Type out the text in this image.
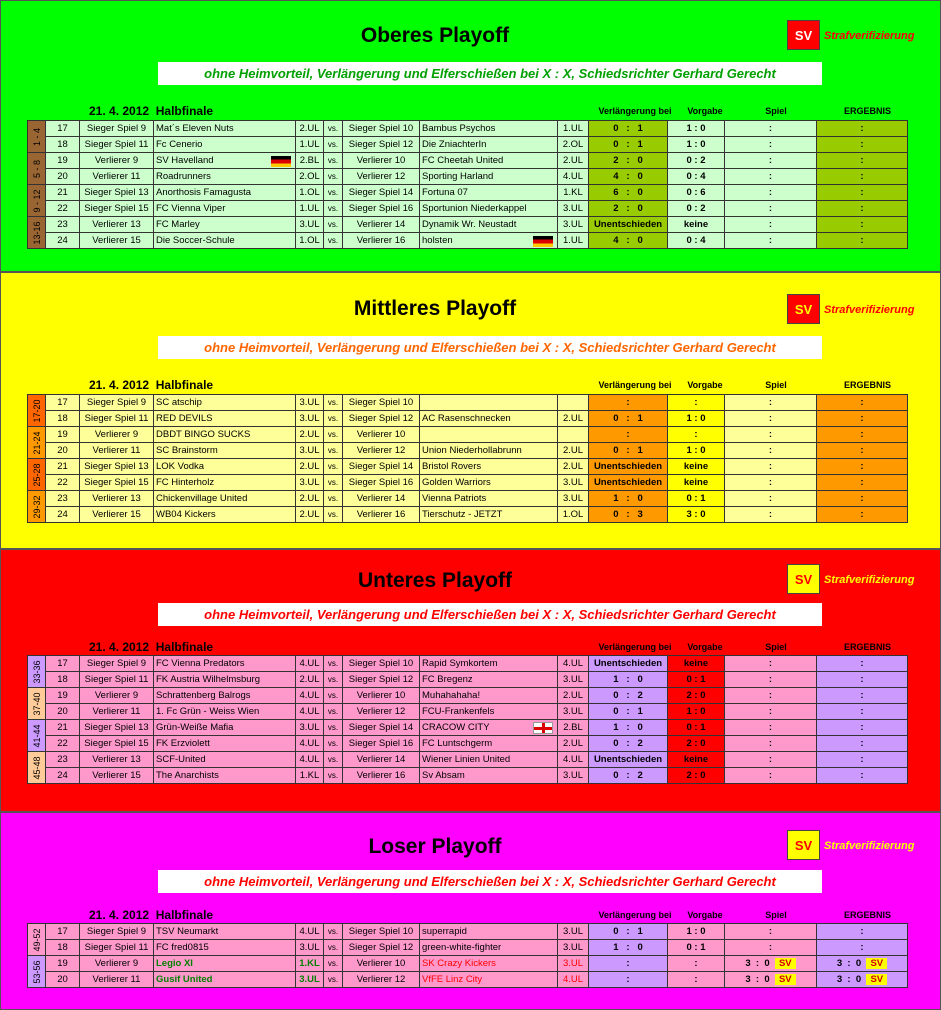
Oberes Playoff	SV	Strafverifizierung
ohne Heimvorteil, Verlängerung und Elferschießen bei X : X, Schiedsrichter Gerhard Gerecht
21. 4. 2012 Halbfinale	Verlängerung bei	Vorgabe	Spiel	ERGEBNIS
1 - 4	17	Sieger Spiel 9	Mat´s Eleven Nuts	2.UL	vs.	Sieger Spiel 10	Bambus Psychos	1.UL	0   :   1	1 : 0	:	:
	18	Sieger Spiel 11	Fc Cenerio	1.UL	vs.	Sieger Spiel 12	Die ZniachterIn	2.OL	0   :   1	1 : 0	:	:

5 - 8	19	Verlierer 9	SV Havelland	2.BL	vs.	Verlierer 10	FC Cheetah United	2.UL	2   :   0	0 : 2	:	:
	20	Verlierer 11	Roadrunners	2.OL	vs.	Verlierer 12	Sporting Harland	4.UL	4   :   0	0 : 4	:	:

9 - 12	21	Sieger Spiel 13	Anorthosis Famagusta	1.OL	vs.	Sieger Spiel 14	Fortuna 07	1.KL	6   :   0	0 : 6	:	:
	22	Sieger Spiel 15	FC Vienna Viper	1.UL	vs.	Sieger Spiel 16	Sportunion Niederkappel	3.UL	2   :   0	0 : 2	:	:

13-16	23	Verlierer 13	FC Marley	3.UL	vs.	Verlierer 14	Dynamik Wr. Neustadt	3.UL	Unentschieden	keine	:	:
	24	Verlierer 15	Die Soccer-Schule	1.OL	vs.	Verlierer 16	holsten	1.UL	4   :   0	0 : 4	:	:
Mittleres Playoff	SV	Strafverifizierung
ohne Heimvorteil, Verlängerung und Elferschießen bei X : X, Schiedsrichter Gerhard Gerecht
21. 4. 2012 Halbfinale	Verlängerung bei	Vorgabe	Spiel	ERGEBNIS
17-20	17	Sieger Spiel 9	SC atschip	3.UL	vs.	Sieger Spiel 10			:	:	:	:
	18	Sieger Spiel 11	RED DEVILS	3.UL	vs.	Sieger Spiel 12	AC Rasenschnecken	2.UL	0   :   1	1 : 0	:	:

21-24	19	Verlierer 9	DBDT BINGO SUCKS	2.UL	vs.	Verlierer 10			:	:	:	:
	20	Verlierer 11	SC Brainstorm	3.UL	vs.	Verlierer 12	Union Niederhollabrunn	2.UL	0   :   1	1 : 0	:	:

25-28	21	Sieger Spiel 13	LOK Vodka	2.UL	vs.	Sieger Spiel 14	Bristol Rovers	2.UL	Unentschieden	keine	:	:
	22	Sieger Spiel 15	FC Hinterholz	3.UL	vs.	Sieger Spiel 16	Golden Warriors	3.UL	Unentschieden	keine	:	:

29-32	23	Verlierer 13	Chickenvillage United	2.UL	vs.	Verlierer 14	Vienna Patriots	3.UL	1   :   0	0 : 1	:	:
	24	Verlierer 15	WB04 Kickers	2.UL	vs.	Verlierer 16	Tierschutz - JETZT	1.OL	0   :   3	3 : 0	:	:
Unteres Playoff	SV	Strafverifizierung
ohne Heimvorteil, Verlängerung und Elferschießen bei X : X, Schiedsrichter Gerhard Gerecht
21. 4. 2012 Halbfinale	Verlängerung bei	Vorgabe	Spiel	ERGEBNIS
33-36	17	Sieger Spiel 9	FC Vienna Predators	4.UL	vs.	Sieger Spiel 10	Rapid Symkortem	4.UL	Unentschieden	keine	:	:
	18	Sieger Spiel 11	FK Austria Wilhelmsburg	2.UL	vs.	Sieger Spiel 12	FC Bregenz	3.UL	1   :   0	0 : 1	:	:

37-40	19	Verlierer 9	Schrattenberg Balrogs	4.UL	vs.	Verlierer 10	Muhahahaha!	2.UL	0   :   2	2 : 0	:	:
	20	Verlierer 11	1. Fc Grün - Weiss Wien	4.UL	vs.	Verlierer 12	FCU-Frankenfels	3.UL	0   :   1	1 : 0	:	:

41-44	21	Sieger Spiel 13	Grün-Weiße Mafia	3.UL	vs.	Sieger Spiel 14	CRACOW CITY	2.BL	1   :   0	0 : 1	:	:
	22	Sieger Spiel 15	FK Erzviolett	4.UL	vs.	Sieger Spiel 16	FC Luntschgerm	2.UL	0   :   2	2 : 0	:	:

45-48	23	Verlierer 13	SCF-United	4.UL	vs.	Verlierer 14	Wiener Linien United	4.UL	Unentschieden	keine	:	:
	24	Verlierer 15	The Anarchists	1.KL	vs.	Verlierer 16	Sv Absam	3.UL	0   :   2	2 : 0	:	:
Loser Playoff	SV	Strafverifizierung
ohne Heimvorteil, Verlängerung und Elferschießen bei X : X, Schiedsrichter Gerhard Gerecht
21. 4. 2012 Halbfinale	Verlängerung bei	Vorgabe	Spiel	ERGEBNIS
49-52	17	Sieger Spiel 9	TSV Neumarkt	4.UL	vs.	Sieger Spiel 10	superrapid	3.UL	0   :   1	1 : 0	:	:
	18	Sieger Spiel 11	FC fred0815	3.UL	vs.	Sieger Spiel 12	green-white-fighter	3.UL	1   :   0	0 : 1	:	:

53-56	19	Verlierer 9	Legio XI	1.KL	vs.	Verlierer 10	SK Crazy Kickers	3.UL	:	:	3  :  0 SV	3  :  0 SV
	20	Verlierer 11	Gusif United	3.UL	vs.	Verlierer 12	VfFE Linz City	4.UL	:	:	3  :  0 SV	3  :  0 SV
